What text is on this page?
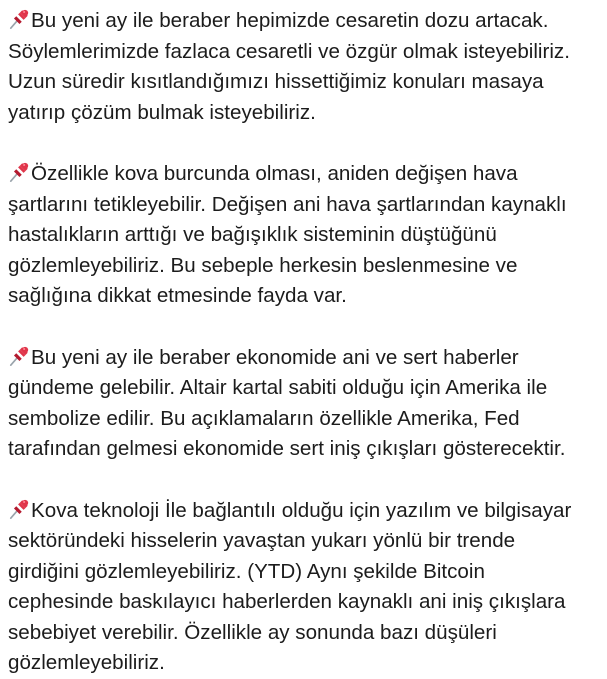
Bu yeni ay ile beraber hepimizde cesaretin dozu artacak.
Söylemlerimizde fazlaca cesaretli ve özgür olmak isteyebiliriz.
Uzun süredir kısıtlandığımızı hissettiğimiz konuları masaya
yatırıp çözüm bulmak isteyebiliriz.

Özellikle kova burcunda olması, aniden değişen hava
şartlarını tetikleyebilir. Değişen ani hava şartlarından kaynaklı
hastalıkların arttığı ve bağışıklık sisteminin düştüğünü
gözlemleyebiliriz. Bu sebeple herkesin beslenmesine ve
sağlığına dikkat etmesinde fayda var.

Bu yeni ay ile beraber ekonomide ani ve sert haberler
gündeme gelebilir. Altair kartal sabiti olduğu için Amerika ile
sembolize edilir. Bu açıklamaların özellikle Amerika, Fed
tarafından gelmesi ekonomide sert iniş çıkışları gösterecektir.

Kova teknoloji İle bağlantılı olduğu için yazılım ve bilgisayar
sektöründeki hisselerin yavaştan yukarı yönlü bir trende
girdiğini gözlemleyebiliriz. (YTD) Aynı şekilde Bitcoin
cephesinde baskılayıcı haberlerden kaynaklı ani iniş çıkışlara
sebebiyet verebilir. Özellikle ay sonunda bazı düşüleri
gözlemleyebiliriz.
